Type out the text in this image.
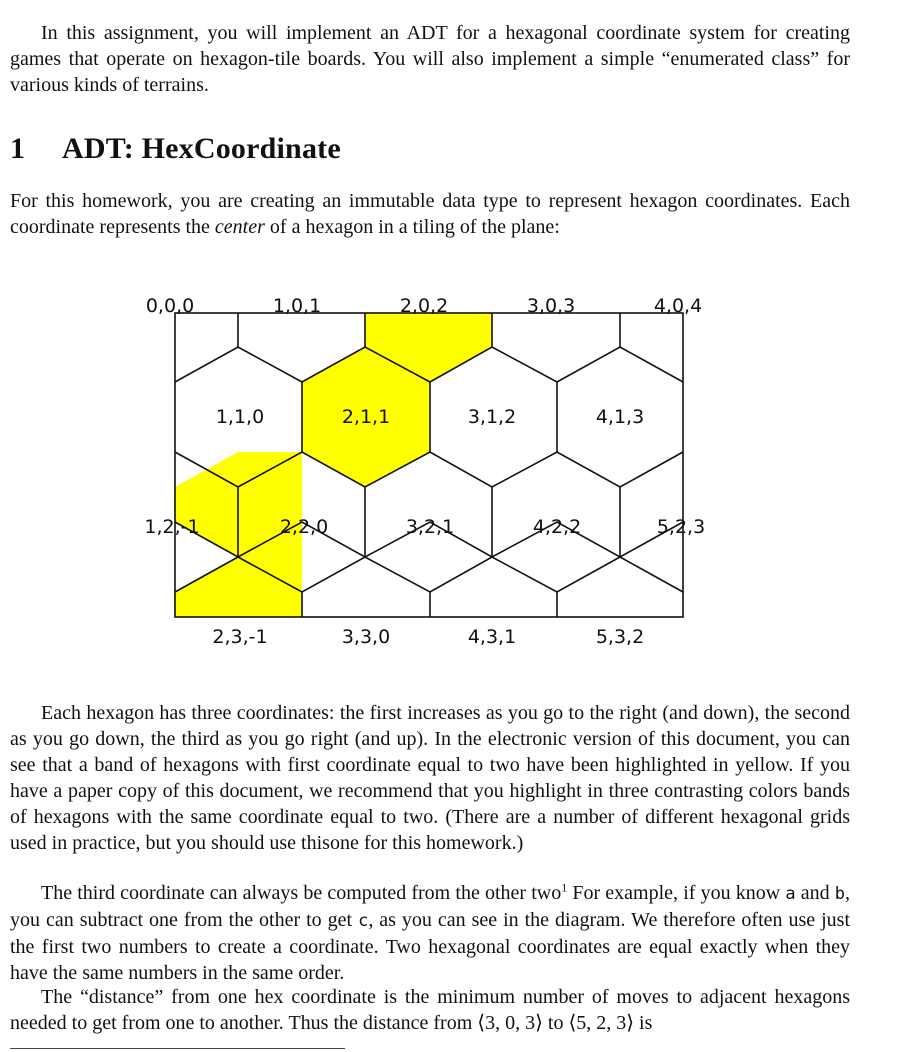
In this assignment, you will implement an ADT for a hexagonal coordinate system for creating games that operate on hexagon-tile boards. You will also implement a simple “enumerated class” for various kinds of terrains.

1 ADT: HexCoordinate

For this homework, you are creating an immutable data type to represent hexagon coordinates. Each coordinate represents the center of a hexagon in a tiling of the plane:

0,0,0	1,0,1	2,0,2	3,0,3	4,0,4
1,1,0	2,1,1	3,1,2	4,1,3
1,2,-1	2,2,0	3,2,1	4,2,2	5,2,3
2,3,-1	3,3,0	4,3,1	5,3,2

Each hexagon has three coordinates: the first increases as you go to the right (and down), the second as you go down, the third as you go right (and up). In the electronic version of this document, you can see that a band of hexagons with first coordinate equal to two have been highlighted in yellow. If you have a paper copy of this document, we recommend that you highlight in three contrasting colors bands of hexagons with the same coordinate equal to two. (There are a number of different hexagonal grids used in practice, but you should use thisone for this homework.)

The third coordinate can always be computed from the other two$^1$ For example, if you know a and b, you can subtract one from the other to get c, as you can see in the diagram. We therefore often use just the first two numbers to create a coordinate. Two hexagonal coordinates are equal exactly when they have the same numbers in the same order.

The “distance” from one hex coordinate is the minimum number of moves to adjacent hexagons needed to get from one to another. Thus the distance from ⟨3, 0, 3⟩ to ⟨5, 2, 3⟩ is
